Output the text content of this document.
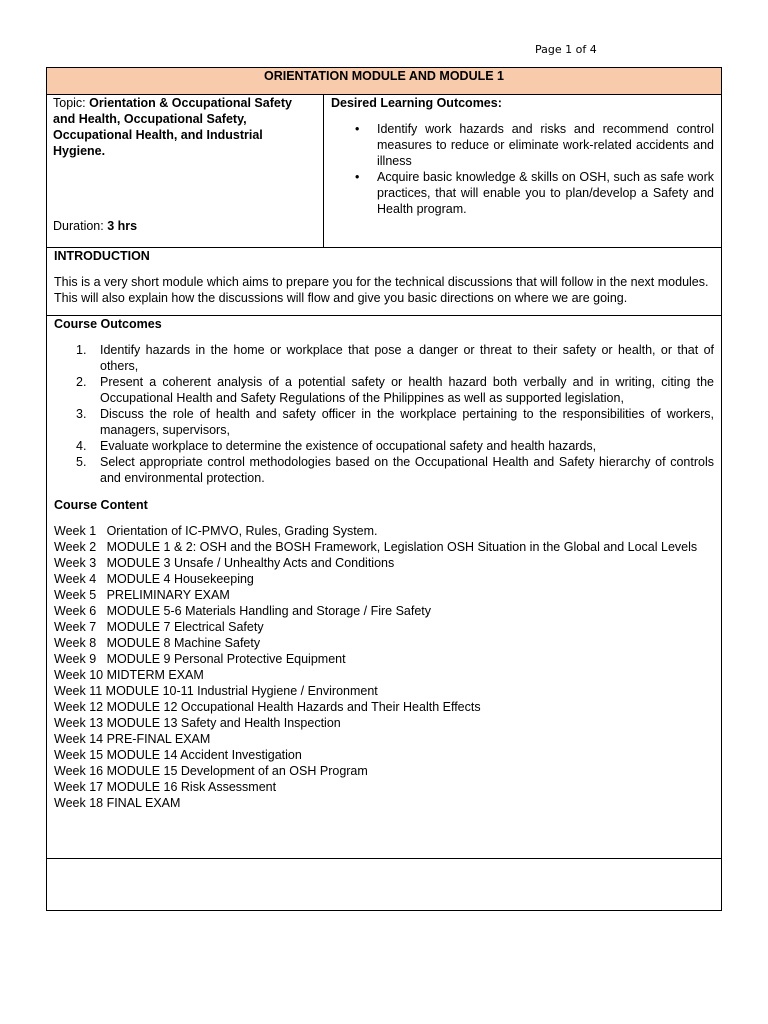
Page 1 of 4
ORIENTATION MODULE AND MODULE 1
Topic: Orientation & Occupational Safety and Health, Occupational Safety, Occupational Health, and Industrial Hygiene.
Duration: 3 hrs
Desired Learning Outcomes:
• Identify work hazards and risks and recommend control measures to reduce or eliminate work-related accidents and illness
• Acquire basic knowledge & skills on OSH, such as safe work practices, that will enable you to plan/develop a Safety and Health program.
INTRODUCTION
This is a very short module which aims to prepare you for the technical discussions that will follow in the next modules. This will also explain how the discussions will flow and give you basic directions on where we are going.
Course Outcomes
1. Identify hazards in the home or workplace that pose a danger or threat to their safety or health, or that of others,
2. Present a coherent analysis of a potential safety or health hazard both verbally and in writing, citing the Occupational Health and Safety Regulations of the Philippines as well as supported legislation,
3. Discuss the role of health and safety officer in the workplace pertaining to the responsibilities of workers, managers, supervisors,
4. Evaluate workplace to determine the existence of occupational safety and health hazards,
5. Select appropriate control methodologies based on the Occupational Health and Safety hierarchy of controls and environmental protection.
Course Content
Week 1 Orientation of IC-PMVO, Rules, Grading System.
Week 2 MODULE 1 & 2: OSH and the BOSH Framework, Legislation OSH Situation in the Global and Local Levels
Week 3 MODULE 3 Unsafe / Unhealthy Acts and Conditions
Week 4 MODULE 4 Housekeeping
Week 5 PRELIMINARY EXAM
Week 6 MODULE 5-6 Materials Handling and Storage / Fire Safety
Week 7 MODULE 7 Electrical Safety
Week 8 MODULE 8 Machine Safety
Week 9 MODULE 9 Personal Protective Equipment
Week 10 MIDTERM EXAM
Week 11 MODULE 10-11 Industrial Hygiene / Environment
Week 12 MODULE 12 Occupational Health Hazards and Their Health Effects
Week 13 MODULE 13 Safety and Health Inspection
Week 14 PRE-FINAL EXAM
Week 15 MODULE 14 Accident Investigation
Week 16 MODULE 15 Development of an OSH Program
Week 17 MODULE 16 Risk Assessment
Week 18 FINAL EXAM
